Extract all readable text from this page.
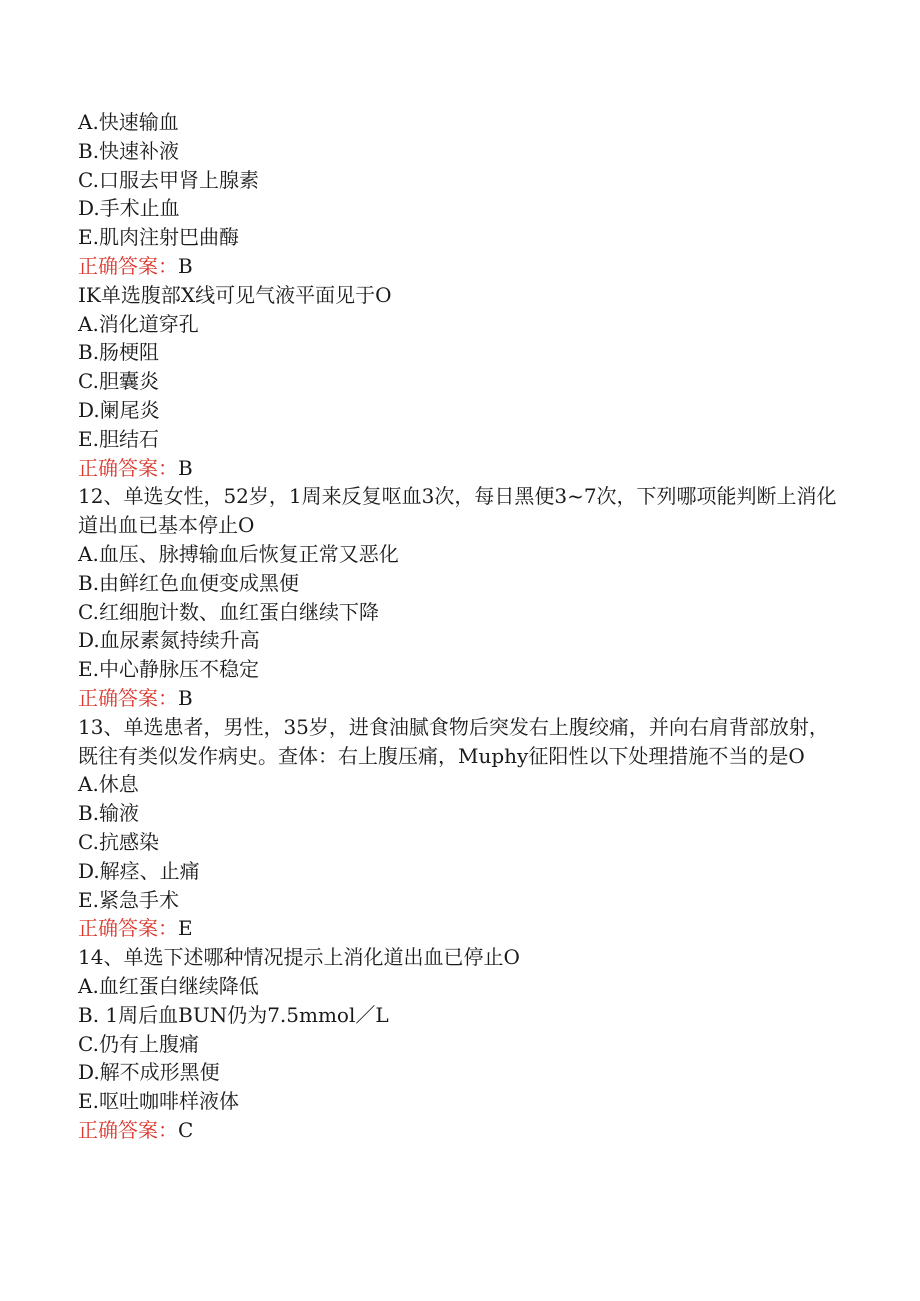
A.快速输血

B.快速补液

C.口服去甲肾上腺素

D.手术止血

E.肌肉注射巴曲酶

正确答案：B

IK单选腹部X线可见气液平面见于O

A.消化道穿孔

B.肠梗阻

C.胆囊炎

D.阑尾炎

E.胆结石

正确答案：B

12、单选女性，52岁，1周来反复呕血3次，每日黑便3~7次，下列哪项能判断上消化道出血已基本停止O

A.血压、脉搏输血后恢复正常又恶化

B.由鲜红色血便变成黑便

C.红细胞计数、血红蛋白继续下降

D.血尿素氮持续升高

E.中心静脉压不稳定

正确答案：B

13、单选患者，男性，35岁，进食油腻食物后突发右上腹绞痛，并向右肩背部放射，既往有类似发作病史。查体：右上腹压痛，Muphy征阳性以下处理措施不当的是O

A.休息

B.输液

C.抗感染

D.解痉、止痛

E.紧急手术

正确答案：E

14、单选下述哪种情况提示上消化道出血已停止O

A.血红蛋白继续降低

B. 1周后血BUN仍为7.5mmol／L

C.仍有上腹痛

D.解不成形黑便

E.呕吐咖啡样液体

正确答案：C
